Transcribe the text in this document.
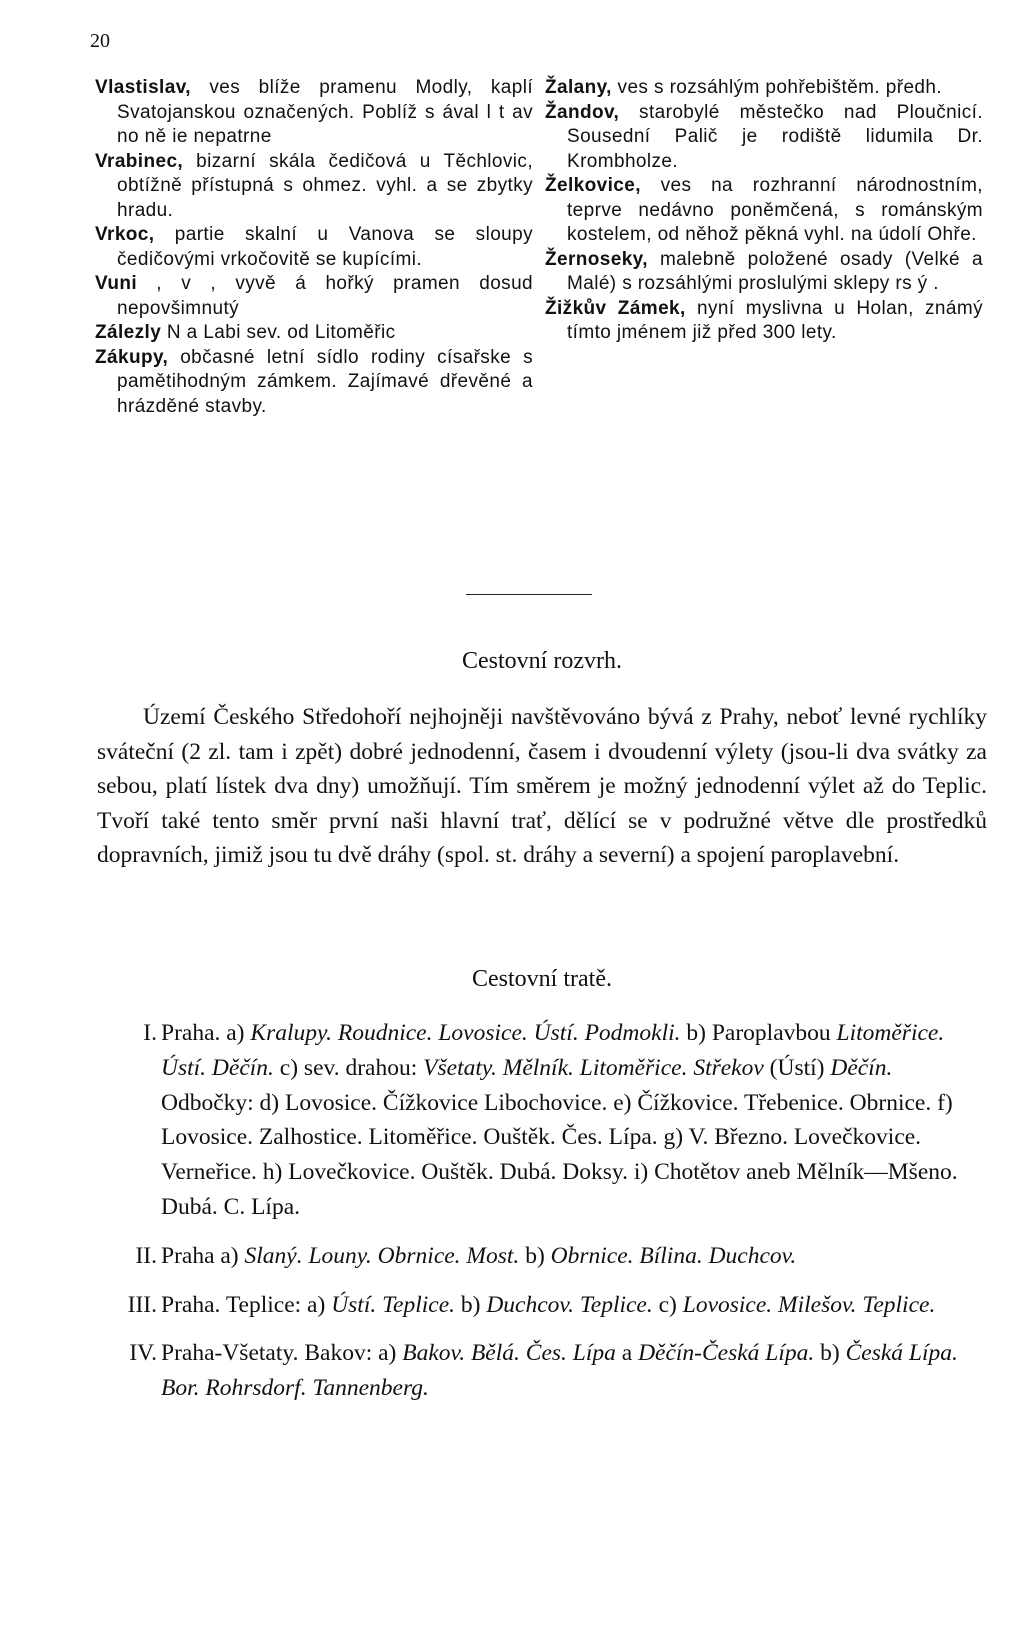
20

Vlastislav, ves blíže pramenu Modly, kaplí Svatojanskou označených. Poblíž s ával l t av no ně ie nepatrne

Vrabinec, bizarní skála čedičová u Těchlovic, obtížně přístupná s ohmez. vyhl. a se zbytky hradu.

Vrkoc, partie skalní u Vanova se sloupy čedičovými vrkočovitě se kupícími.

Vuni , v , vyvě á hořký pramen dosud nepovšimnutý

Zálezly N a Labi sev. od Litoměřic

Zákupy, občasné letní sídlo rodiny císařske s pamětihodným zámkem. Zajímavé dřevěné a hrázděné stavby.

Žalany, ves s rozsáhlým pohřebištěm. předh.

Žandov, starobylé městečko nad Ploučnicí. Sousední Palič je rodiště lidumila Dr. Krombholze.

Želkovice, ves na rozhranní národnostním, teprve nedávno poněmčená, s románským kostelem, od něhož pěkná vyhl. na údolí Ohře.

Žernoseky, malebně položené osady (Velké a Malé) s rozsáhlými proslulými sklepy rs ý .

Žižkův Zámek, nyní myslivna u Holan, známý tímto jménem již před 300 lety.

Cestovní rozvrh.

Území Českého Středohoří nejhojněji navštěvováno bývá z Prahy, neboť levné rychlíky sváteční (2 zl. tam i zpět) dobré jednodenní, časem i dvoudenní výlety (jsou-li dva svátky za sebou, platí lístek dva dny) umožňují. Tím směrem je možný jednodenní výlet až do Teplic. Tvoří také tento směr první naši hlavní trať, dělící se v podružné větve dle prostředků dopravních, jimiž jsou tu dvě dráhy (spol. st. dráhy a severní) a spojení paroplavební.

Cestovní tratě.

I. Praha. a) Kralupy. Roudnice. Lovosice. Ústí. Podmokli. b) Paroplavbou Litoměřice. Ústí. Děčín. c) sev. drahou: Všetaty. Mělník. Litoměřice. Střekov (Ústí) Děčín. Odbočky: d) Lovosice. Čížkovice Libochovice. e) Čížkovice. Třebenice. Obrnice. f) Lovosice. Zalhostice. Litoměřice. Ouštěk. Čes. Lípa. g) V. Březno. Lovečkovice. Verneřice. h) Lovečkovice. Ouštěk. Dubá. Doksy. i) Chotětov aneb Mělník—Mšeno. Dubá. C. Lípa.

II. Praha a) Slaný. Louny. Obrnice. Most. b) Obrnice. Bílina. Duchcov.

III. Praha. Teplice: a) Ústí. Teplice. b) Duchcov. Teplice. c) Lovosice. Milešov. Teplice.

IV. Praha-Všetaty. Bakov: a) Bakov. Bělá. Čes. Lípa a Děčín-Česká Lípa. b) Česká Lípa. Bor. Rohrsdorf. Tannenberg.
